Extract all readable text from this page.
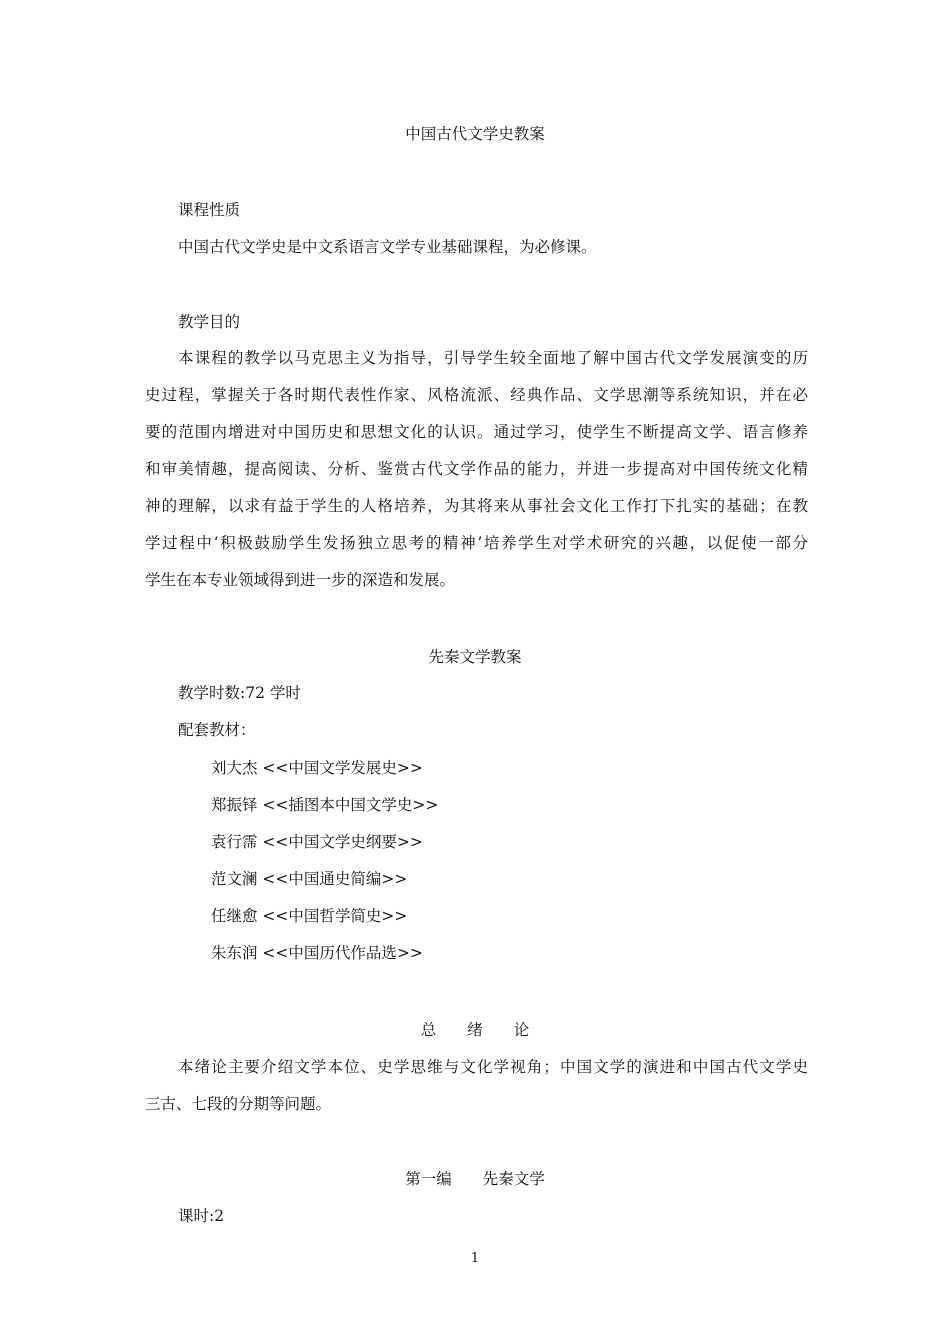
中国古代文学史教案
课程性质
中国古代文学史是中文系语言文学专业基础课程，为必修课。
教学目的
本课程的教学以马克思主义为指导，引导学生较全面地了解中国古代文学发展演变的历
史过程，掌握关于各时期代表性作家、风格流派、经典作品、文学思潮等系统知识，并在必
要的范围内增进对中国历史和思想文化的认识。通过学习，使学生不断提高文学、语言修养
和审美情趣，提高阅读、分析、鉴赏古代文学作品的能力，并进一步提高对中国传统文化精
神的理解，以求有益于学生的人格培养，为其将来从事社会文化工作打下扎实的基础；在教
学过程中‘积极鼓励学生发扬独立思考的精神’培养学生对学术研究的兴趣，以促使一部分
学生在本专业领域得到进一步的深造和发展。
先秦文学教案
教学时数:72 学时
配套教材：
刘大杰 <<中国文学发展史>>
郑振铎 <<插图本中国文学史>>
袁行霈 <<中国文学史纲要>>
范文澜 <<中国通史简编>>
任继愈 <<中国哲学简史>>
朱东润 <<中国历代作品选>>
总　　绪　　论
本绪论主要介绍文学本位、史学思维与文化学视角；中国文学的演进和中国古代文学史
三古、七段的分期等问题。
第一编　　先秦文学
课时:2
1
